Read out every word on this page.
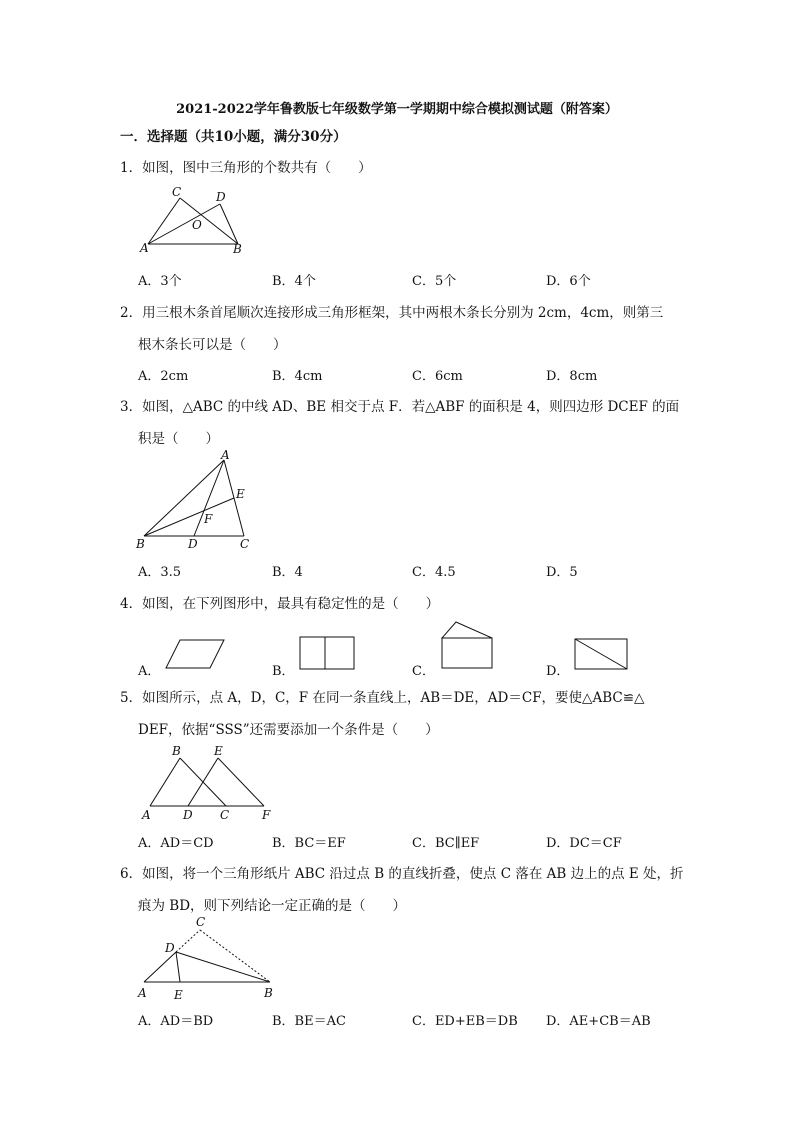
2021-2022学年鲁教版七年级数学第一学期期中综合模拟测试题（附答案）
一．选择题（共10小题，满分30分）
1．如图，图中三角形的个数共有（　　）
C	D
O
A	B
A．3个	B．4个	C．5个	D．6个
2．用三根木条首尾顺次连接形成三角形框架，其中两根木条长分别为 2cm，4cm，则第三
根木条长可以是（　　）
A．2cm	B．4cm	C．6cm	D．8cm
3．如图，△ABC 的中线 AD、BE 相交于点 F．若△ABF 的面积是 4，则四边形 DCEF 的面
积是（　　）
A
E
F
B	D	C
A．3.5	B．4	C．4.5	D．5
4．如图，在下列图形中，最具有稳定性的是（　　）
A．	B．	C．	D．
5．如图所示，点 A，D，C，F 在同一条直线上，AB＝DE，AD＝CF，要使△ABC≌△
DEF，依据“SSS”还需要添加一个条件是（　　）
B	E
A	D C	F
A．AD＝CD	B．BC＝EF	C．BC∥EF	D．DC＝CF
6．如图，将一个三角形纸片 ABC 沿过点 B 的直线折叠，使点 C 落在 AB 边上的点 E 处，折
痕为 BD，则下列结论一定正确的是（　　）
C
D
A E	B
A．AD＝BD	B．BE＝AC	C．ED+EB＝DB D．AE+CB＝AB
